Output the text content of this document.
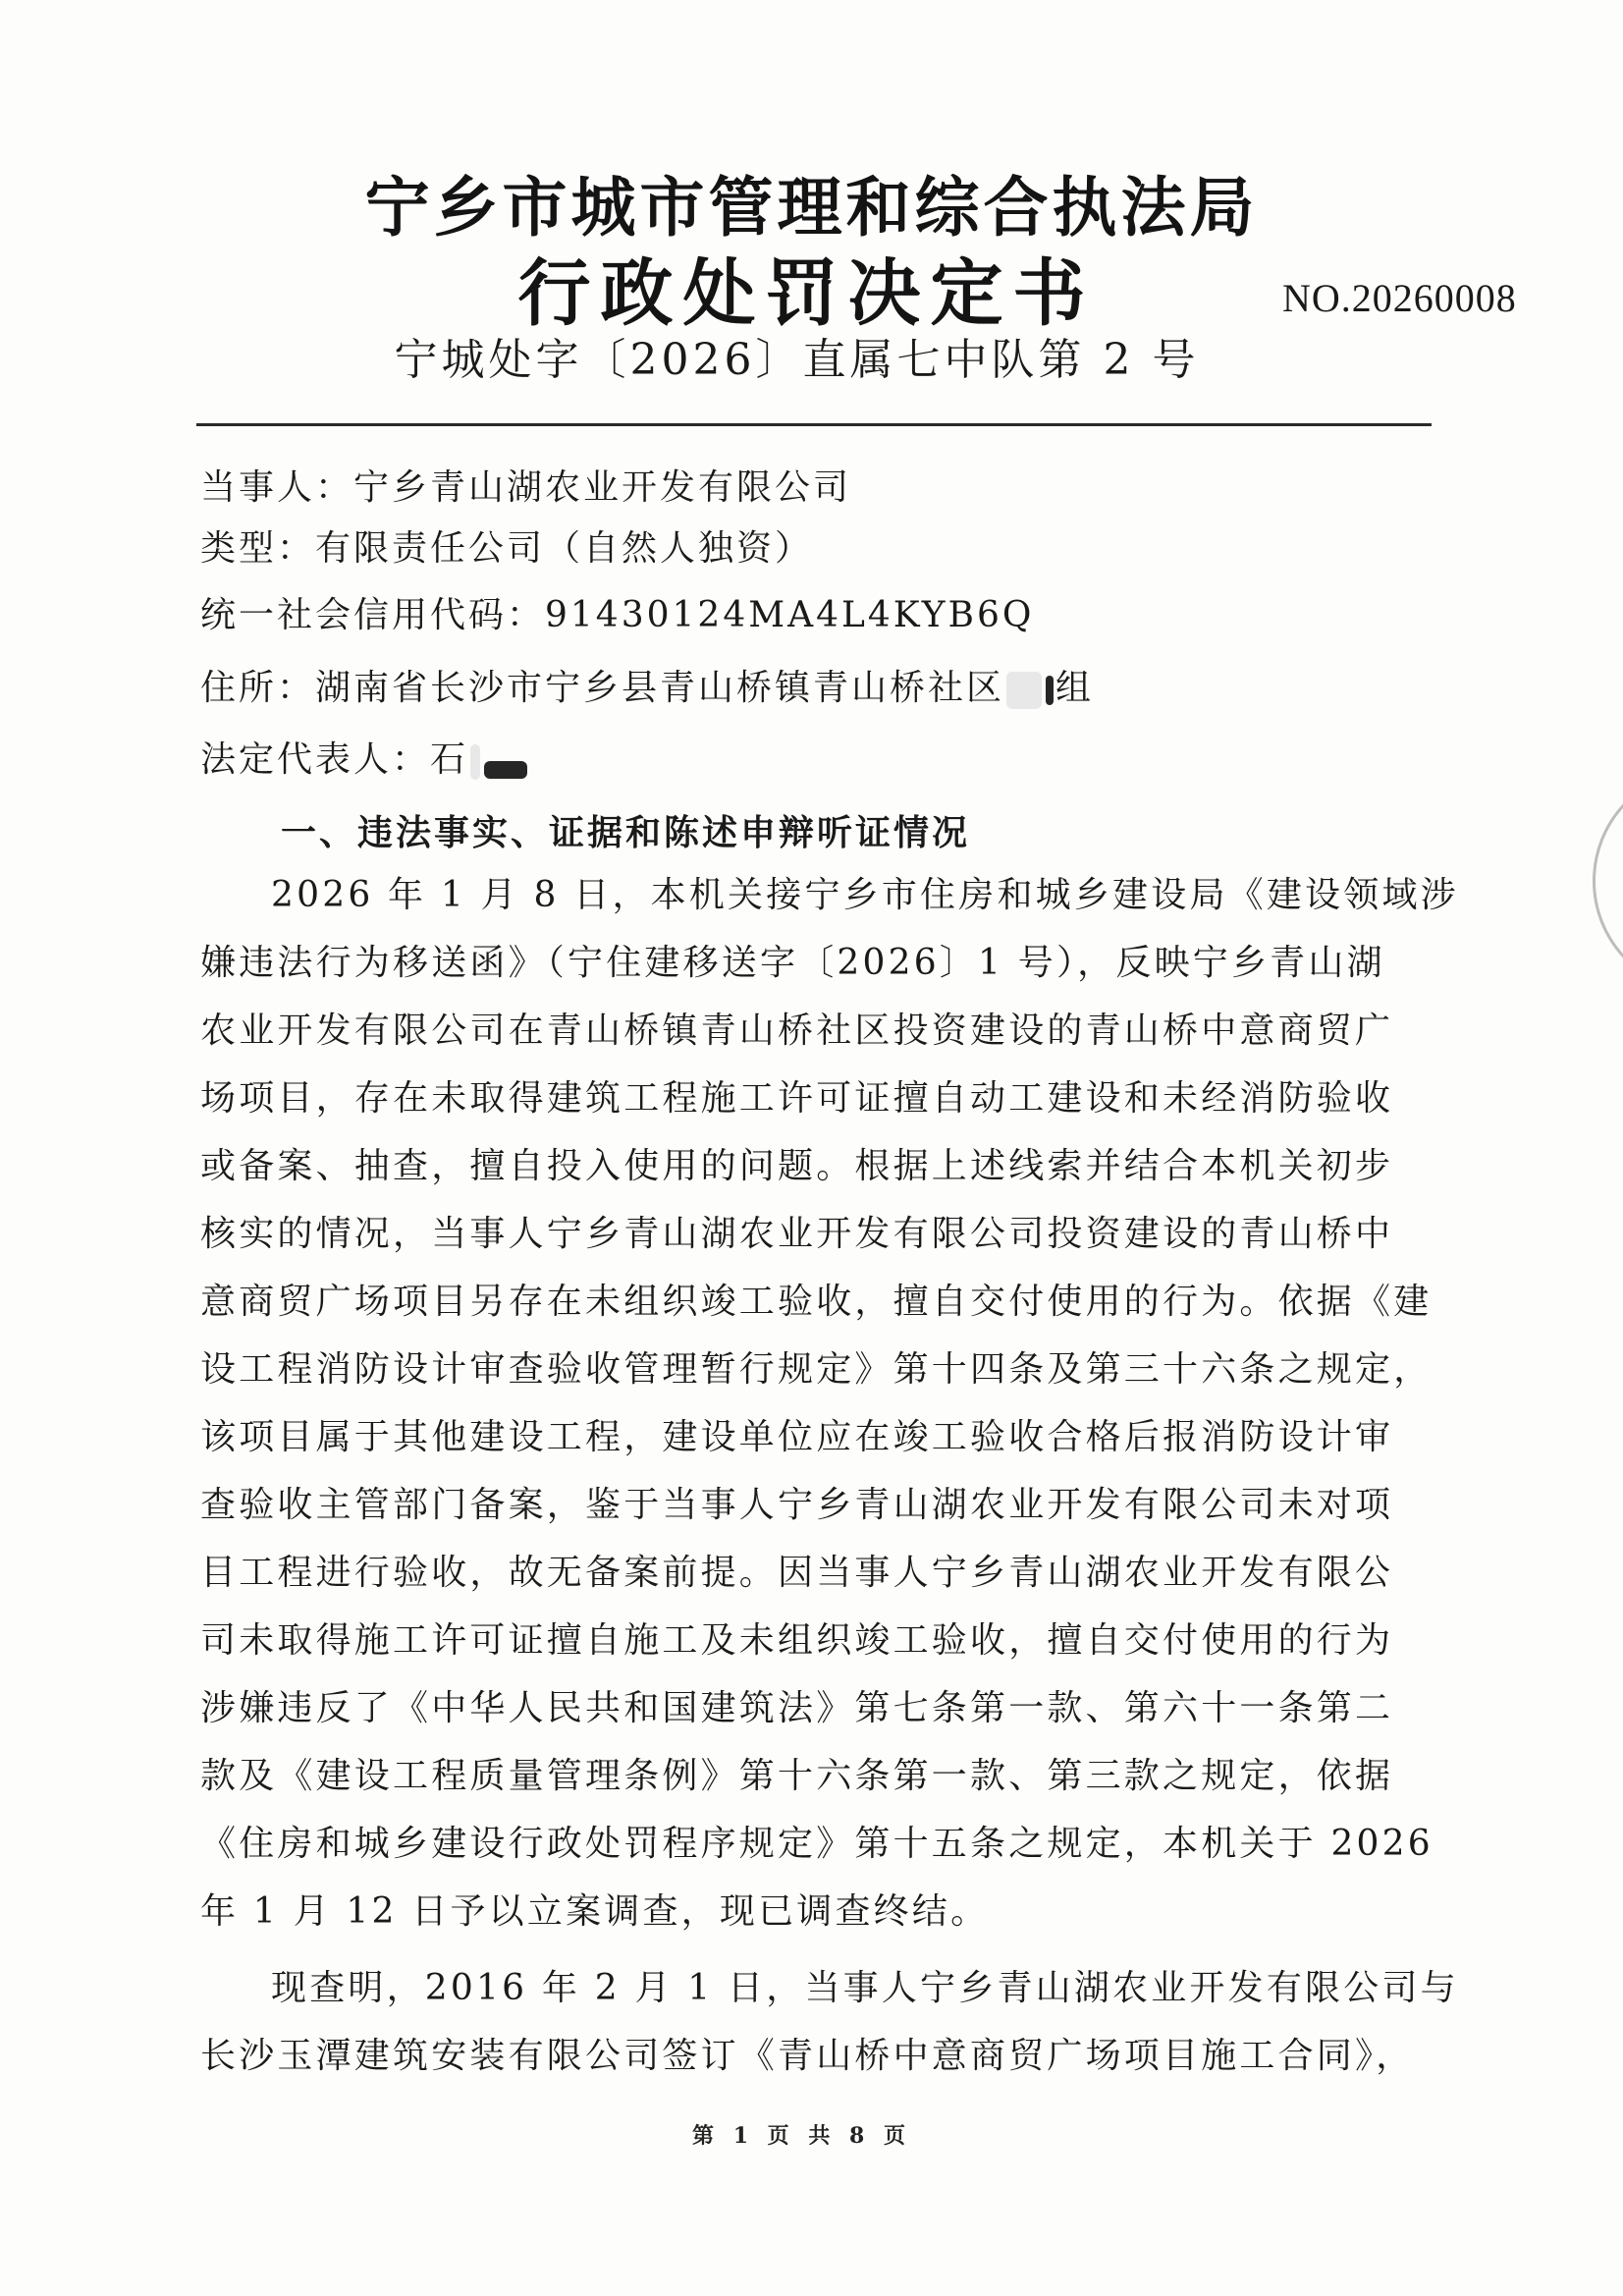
宁乡市城市管理和综合执法局
行政处罚决定书	NO.20260008
宁城处字〔2026〕直属七中队第 2 号
当事人：宁乡青山湖农业开发有限公司
类型：有限责任公司（自然人独资）
统一社会信用代码：91430124MA4L4KYB6Q
住所：湖南省长沙市宁乡县青山桥镇青山桥社区 组
法定代表人：石
一、违法事实、证据和陈述申辩听证情况
2026 年 1 月 8 日，本机关接宁乡市住房和城乡建设局《建设领域涉
嫌违法行为移送函》（宁住建移送字〔2026〕1 号），反映宁乡青山湖
农业开发有限公司在青山桥镇青山桥社区投资建设的青山桥中意商贸广
场项目，存在未取得建筑工程施工许可证擅自动工建设和未经消防验收
或备案、抽查，擅自投入使用的问题。根据上述线索并结合本机关初步
核实的情况，当事人宁乡青山湖农业开发有限公司投资建设的青山桥中
意商贸广场项目另存在未组织竣工验收，擅自交付使用的行为。依据《建
设工程消防设计审查验收管理暂行规定》第十四条及第三十六条之规定，
该项目属于其他建设工程，建设单位应在竣工验收合格后报消防设计审
查验收主管部门备案，鉴于当事人宁乡青山湖农业开发有限公司未对项
目工程进行验收，故无备案前提。因当事人宁乡青山湖农业开发有限公
司未取得施工许可证擅自施工及未组织竣工验收，擅自交付使用的行为
涉嫌违反了《中华人民共和国建筑法》第七条第一款、第六十一条第二
款及《建设工程质量管理条例》第十六条第一款、第三款之规定，依据
《住房和城乡建设行政处罚程序规定》第十五条之规定，本机关于 2026
年 1 月 12 日予以立案调查，现已调查终结。
现查明，2016 年 2 月 1 日，当事人宁乡青山湖农业开发有限公司与
长沙玉潭建筑安装有限公司签订《青山桥中意商贸广场项目施工合同》，
第 1 页 共 8 页
